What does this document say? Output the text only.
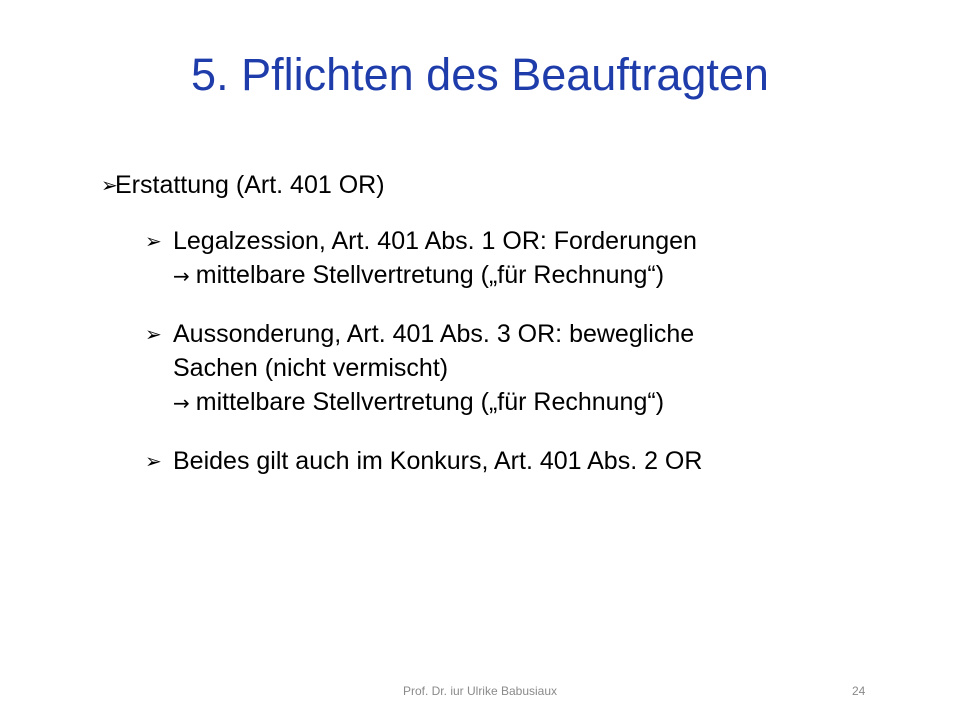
5. Pflichten des Beauftragten
➢
Erstattung (Art. 401 OR)
➢ Legalzession, Art. 401 Abs. 1 OR: Forderungen
→ mittelbare Stellvertretung („für Rechnung“)
➢ Aussonderung, Art. 401 Abs. 3 OR: bewegliche
Sachen (nicht vermischt)
→ mittelbare Stellvertretung („für Rechnung“)
➢ Beides gilt auch im Konkurs, Art. 401 Abs. 2 OR
Prof. Dr. iur Ulrike Babusiaux	24
